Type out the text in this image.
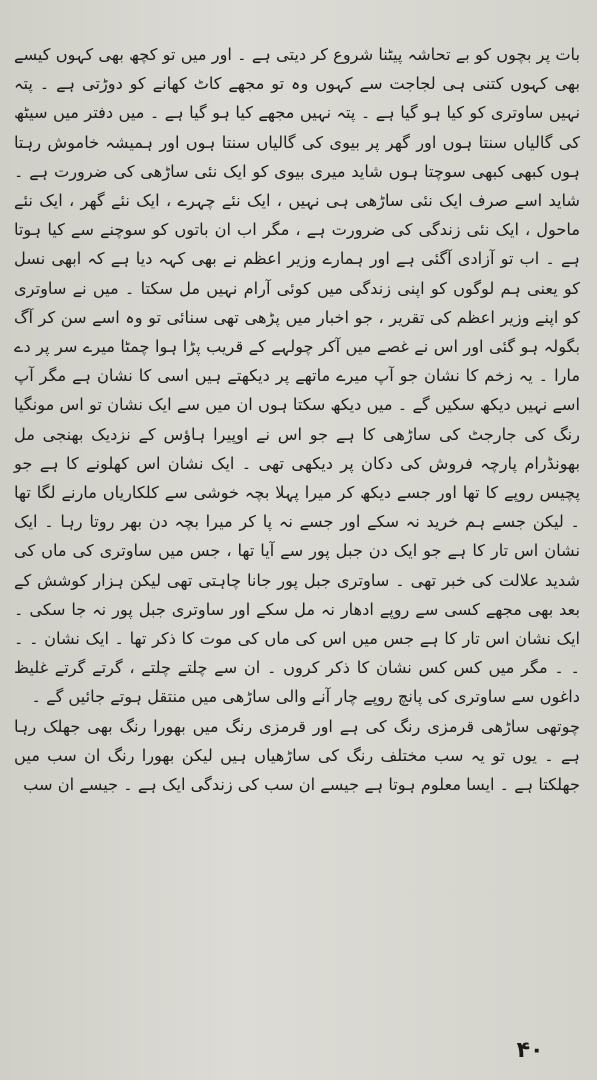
بات پر بچوں کو بے تحاشہ پیٹنا شروع کر دیتی ہے ۔ اور میں تو کچھ بھی کہوں کیسے بھی کہوں کتنی ہی لجاجت سے کہوں وہ تو مجھے کاٹ کھانے کو دوڑتی ہے ۔ پتہ نہیں ساوتری کو کیا ہو گیا ہے ۔ پتہ نہیں مجھے کیا ہو گیا ہے ۔ میں دفتر میں سیٹھ کی گالیاں سنتا ہوں اور گھر پر بیوی کی گالیاں سنتا ہوں اور ہمیشہ خاموش رہتا ہوں کبھی کبھی سوچتا ہوں شاید میری بیوی کو ایک نئی ساڑھی کی ضرورت ہے ۔ شاید اسے صرف ایک نئی ساڑھی ہی نہیں ، ایک نئے چہرے ، ایک نئے گھر ، ایک نئے ماحول ، ایک نئی زندگی کی ضرورت ہے ، مگر اب ان باتوں کو سوچنے سے کیا ہوتا ہے ۔ اب تو آزادی آگئی ہے اور ہمارے وزیر اعظم نے بھی کہہ دیا ہے کہ ابھی نسل کو یعنی ہم لوگوں کو اپنی زندگی میں کوئی آرام نہیں مل سکتا ۔ میں نے ساوتری کو اپنے وزیر اعظم کی تقریر ، جو اخبار میں پڑھی تھی سنائی تو وہ اسے سن کر آگ بگولہ ہو گئی اور اس نے غصے میں آکر چولہے کے قریب پڑا ہوا چمٹا میرے سر پر دے مارا ۔ یہ زخم کا نشان جو آپ میرے ماتھے پر دیکھتے ہیں اسی کا نشان ہے مگر آپ اسے نہیں دیکھ سکیں گے ۔ میں دیکھ سکتا ہوں ان میں سے ایک نشان تو اس مونگیا رنگ کی جارجٹ کی ساڑھی کا ہے جو اس نے اوپیرا ہاؤس کے نزدیک بھنجی مل بھونڈرام پارچہ فروش کی دکان پر دیکھی تھی ۔ ایک نشان اس کھلونے کا ہے جو پچیس روپے کا تھا اور جسے دیکھ کر میرا پہلا بچہ خوشی سے کلکاریاں مارنے لگا تھا ۔ لیکن جسے ہم خرید نہ سکے اور جسے نہ پا کر میرا بچہ دن بھر روتا رہا ۔ ایک نشان اس تار کا ہے جو ایک دن جبل پور سے آیا تھا ، جس میں ساوتری کی ماں کی شدید علالت کی خبر تھی ۔ ساوتری جبل پور جانا چاہتی تھی لیکن ہزار کوشش کے بعد بھی مجھے کسی سے روپے ادھار نہ مل سکے اور ساوتری جبل پور نہ جا سکی ۔ ایک نشان اس تار کا ہے جس میں اس کی ماں کی موت کا ذکر تھا ۔ ایک نشان ۔ ۔ ۔ ۔ مگر میں کس کس نشان کا ذکر کروں ۔ ان سے چلتے چلتے ، گرتے گرتے غلیظ داغوں سے ساوتری کی پانچ روپے چار آنے والی ساڑھی میں منتقل ہوتے جائیں گے ۔

چوتھی ساڑھی قرمزی رنگ کی ہے اور قرمزی رنگ میں بھورا رنگ بھی جھلک رہا ہے ۔ یوں تو یہ سب مختلف رنگ کی ساڑھیاں ہیں لیکن بھورا رنگ ان سب میں جھلکتا ہے ۔ ایسا معلوم ہوتا ہے جیسے ان سب کی زندگی ایک ہے ۔ جیسے ان سب

۴۰
